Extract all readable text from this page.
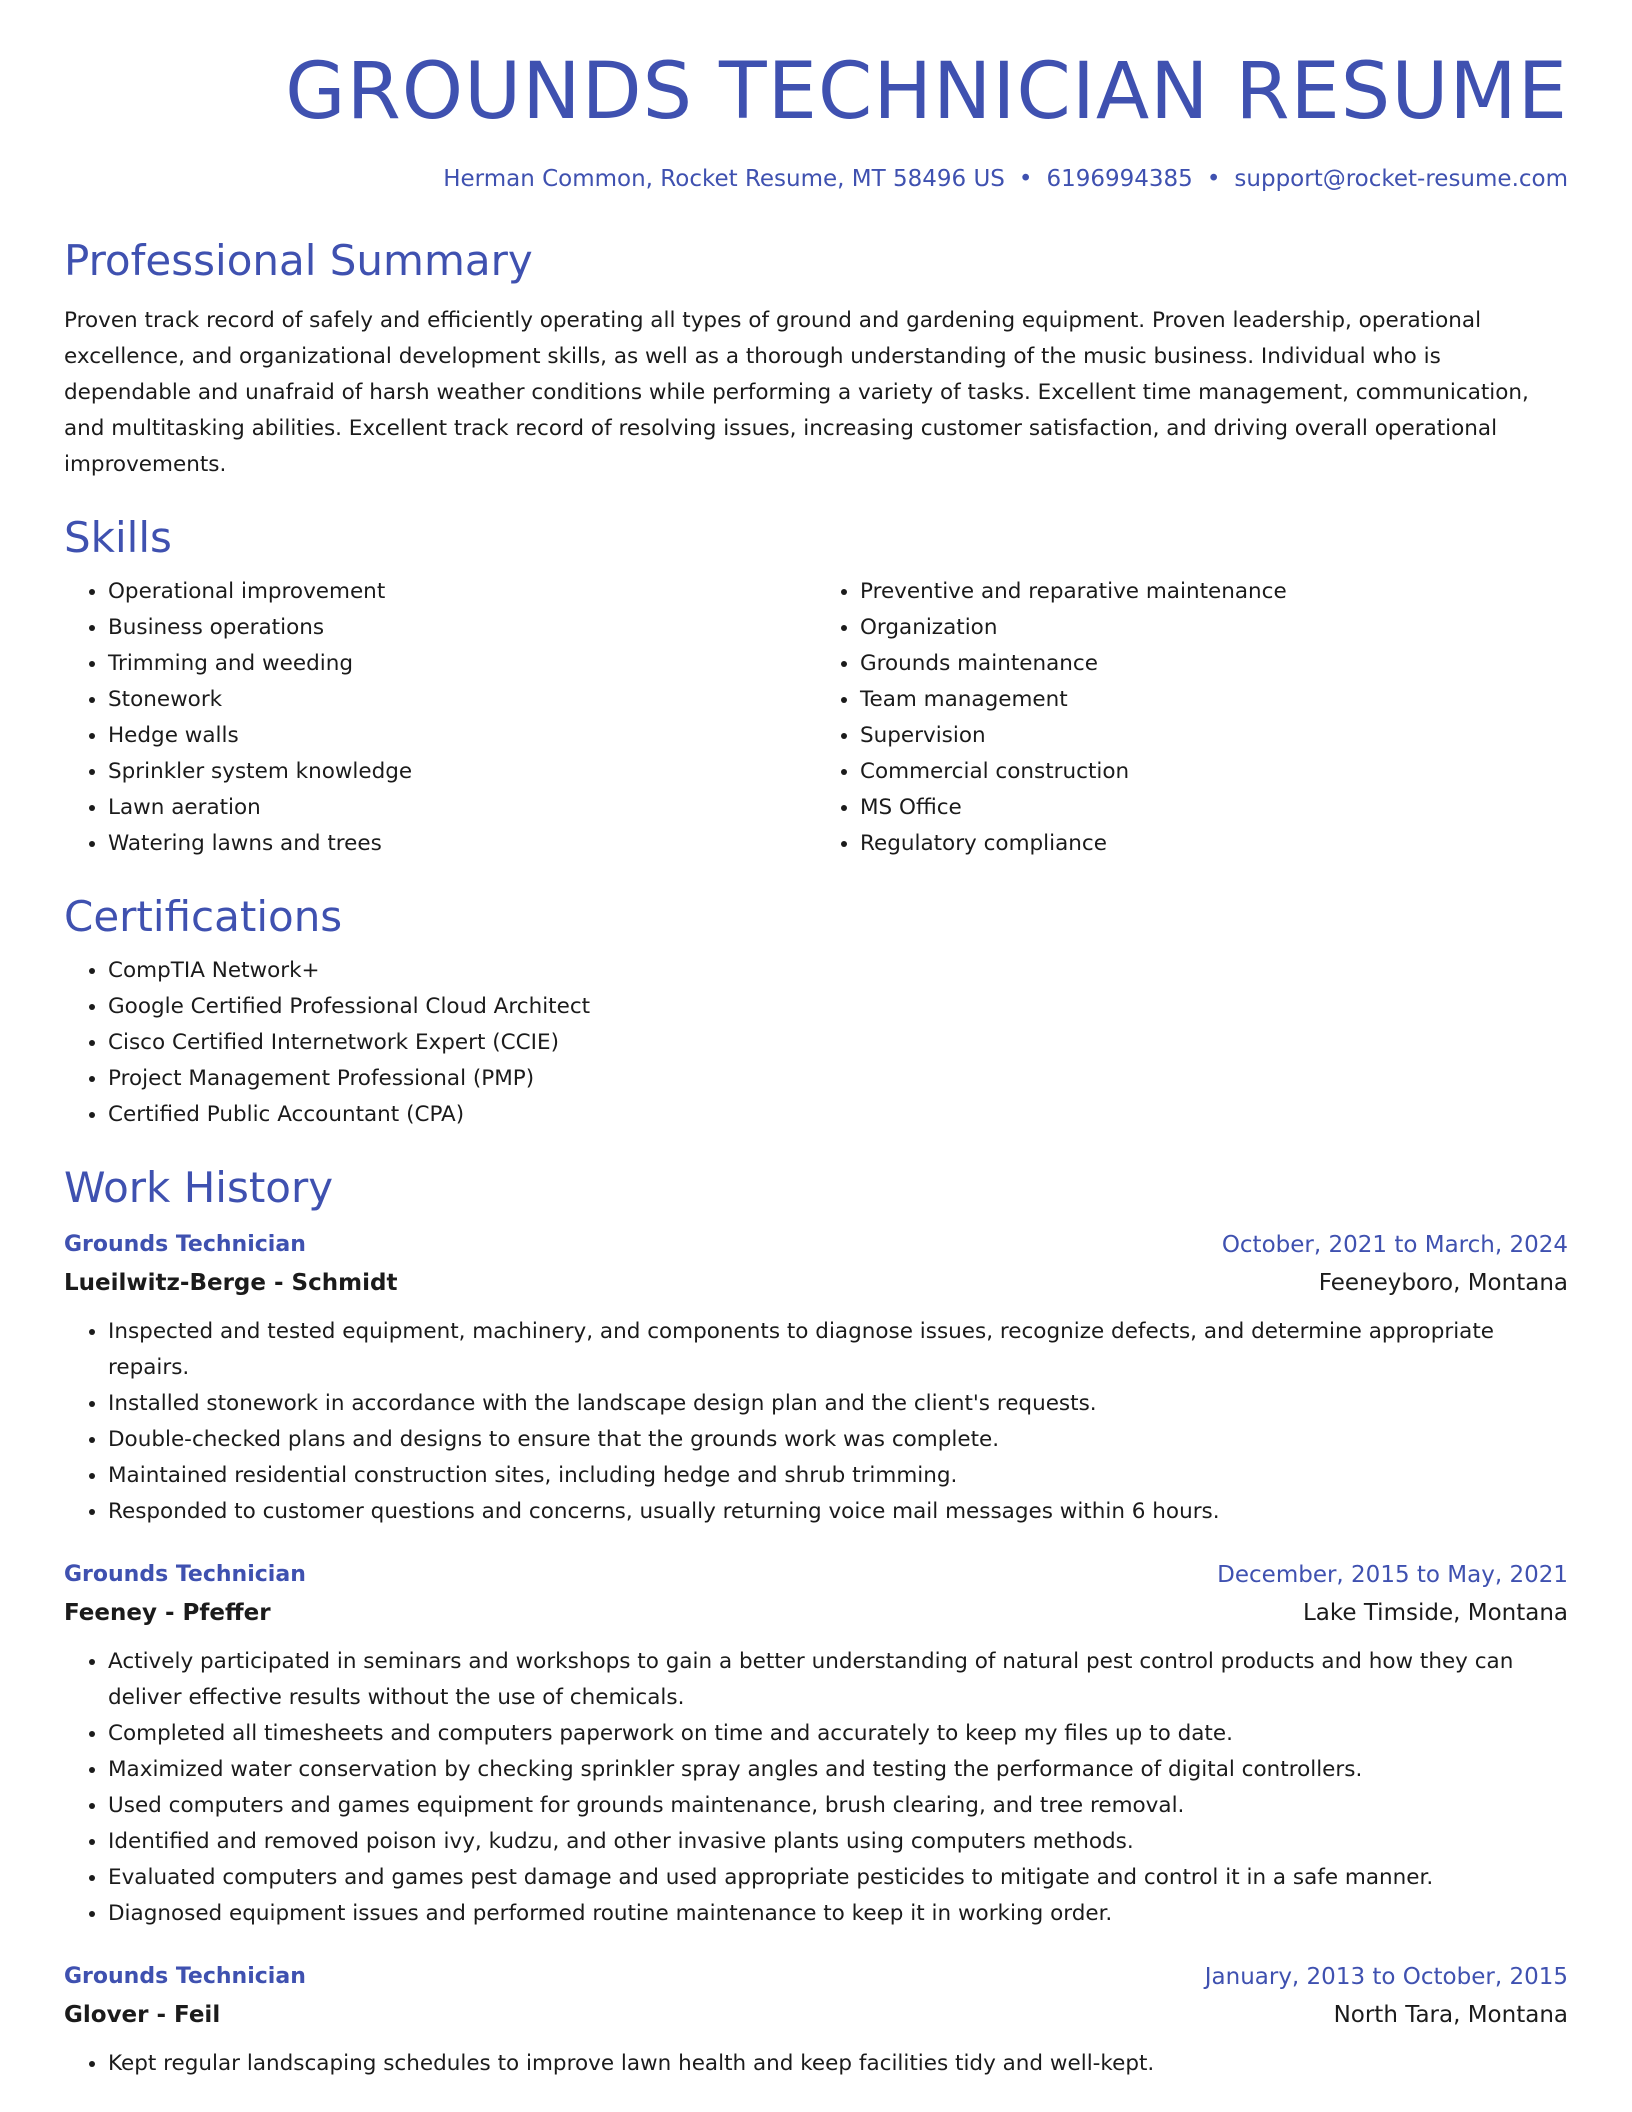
GROUNDS TECHNICIAN RESUME
Herman Common, Rocket Resume, MT 58496 US • 6196994385 • support@rocket-resume.com
Professional Summary

Proven track record of safely and efficiently operating all types of ground and gardening equipment. Proven leadership, operational excellence, and organizational development skills, as well as a thorough understanding of the music business. Individual who is dependable and unafraid of harsh weather conditions while performing a variety of tasks. Excellent time management, communication, and multitasking abilities. Excellent track record of resolving issues, increasing customer satisfaction, and driving overall operational improvements.

Skills
• Operational improvement
• Business operations
• Trimming and weeding
• Stonework
• Hedge walls
• Sprinkler system knowledge
• Lawn aeration
• Watering lawns and trees
• Preventive and reparative maintenance
• Organization
• Grounds maintenance
• Team management
• Supervision
• Commercial construction
• MS Office
• Regulatory compliance
Certifications
• CompTIA Network+
• Google Certified Professional Cloud Architect
• Cisco Certified Internetwork Expert (CCIE)
• Project Management Professional (PMP)
• Certified Public Accountant (CPA)
Work History
Grounds Technician	October, 2021 to March, 2024
Lueilwitz-Berge - Schmidt	Feeneyboro, Montana
• Inspected and tested equipment, machinery, and components to diagnose issues, recognize defects, and determine appropriate repairs.
• Installed stonework in accordance with the landscape design plan and the client's requests.
• Double-checked plans and designs to ensure that the grounds work was complete.
• Maintained residential construction sites, including hedge and shrub trimming.
• Responded to customer questions and concerns, usually returning voice mail messages within 6 hours.
Grounds Technician	December, 2015 to May, 2021
Feeney - Pfeffer	Lake Timside, Montana
• Actively participated in seminars and workshops to gain a better understanding of natural pest control products and how they can deliver effective results without the use of chemicals.
• Completed all timesheets and computers paperwork on time and accurately to keep my files up to date.
• Maximized water conservation by checking sprinkler spray angles and testing the performance of digital controllers.
• Used computers and games equipment for grounds maintenance, brush clearing, and tree removal.
• Identified and removed poison ivy, kudzu, and other invasive plants using computers methods.
• Evaluated computers and games pest damage and used appropriate pesticides to mitigate and control it in a safe manner.
• Diagnosed equipment issues and performed routine maintenance to keep it in working order.
Grounds Technician	January, 2013 to October, 2015
Glover - Feil	North Tara, Montana
• Kept regular landscaping schedules to improve lawn health and keep facilities tidy and well-kept.
